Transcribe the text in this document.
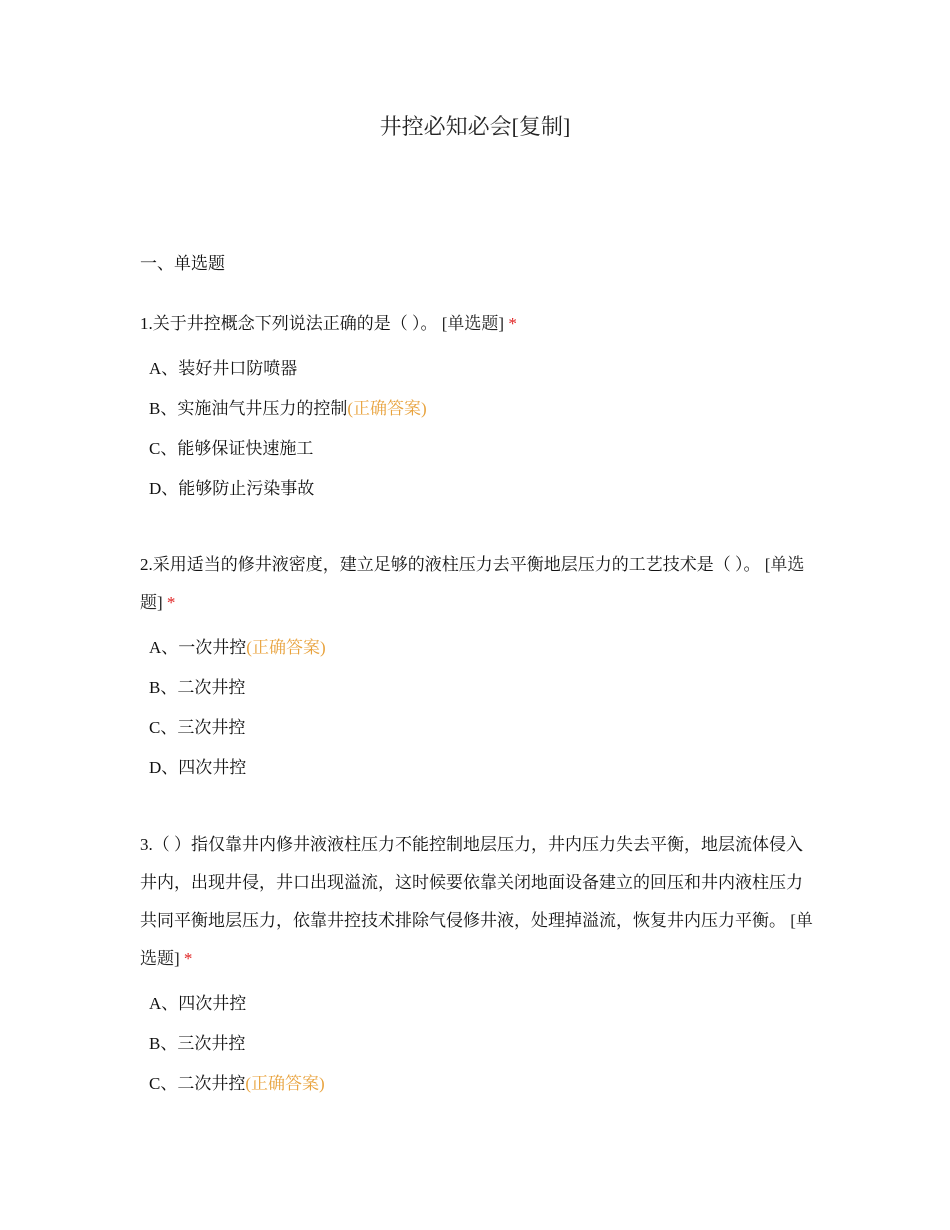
井控必知必会[复制]
一、单选题

1.关于井控概念下列说法正确的是（ ）。 [单选题] *

A、装好井口防喷器
B、实施油气井压力的控制(正确答案)
C、能够保证快速施工
D、能够防止污染事故

2.采用适当的修井液密度，建立足够的液柱压力去平衡地层压力的工艺技术是（ ）。 [单选题] *

A、一次井控(正确答案)
B、二次井控
C、三次井控
D、四次井控

3.（ ）指仅靠井内修井液液柱压力不能控制地层压力，井内压力失去平衡，地层流体侵入井内，出现井侵，井口出现溢流，这时候要依靠关闭地面设备建立的回压和井内液柱压力共同平衡地层压力，依靠井控技术排除气侵修井液，处理掉溢流，恢复井内压力平衡。 [单选题] *

A、四次井控
B、三次井控
C、二次井控(正确答案)
